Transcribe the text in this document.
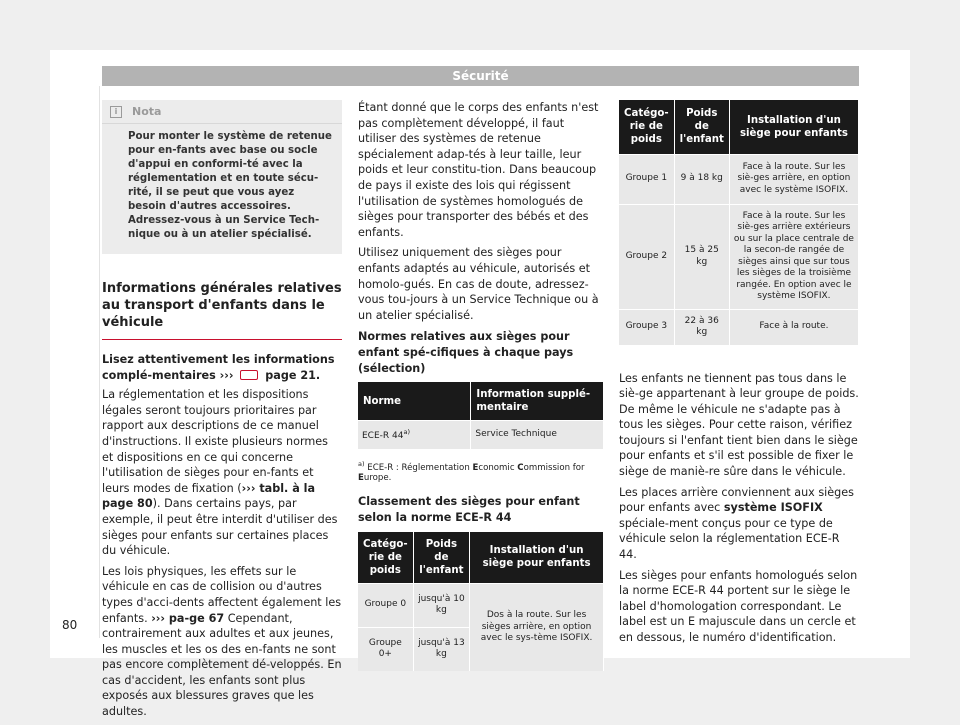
Sécurité
i	Nota
Pour monter le système de retenue pour en-fants avec base ou socle d'appui en conformi-té avec la réglementation et en toute sécu-rité, il se peut que vous ayez besoin d'autres accessoires. Adressez-vous à un Service Tech-nique ou à un atelier spécialisé.
Informations générales relatives au transport d'enfants dans le véhicule
Lisez attentivement les informations complé-mentaires ›››	page 21.

La réglementation et les dispositions légales seront toujours prioritaires par rapport aux descriptions de ce manuel d'instructions. Il existe plusieurs normes et dispositions en ce qui concerne l'utilisation de sièges pour en-fants et leurs modes de fixation (››› tabl. à la page 80). Dans certains pays, par exemple, il peut être interdit d'utiliser des sièges pour enfants sur certaines places du véhicule.

Les lois physiques, les effets sur le véhicule en cas de collision ou d'autres types d'acci-dents affectent également les enfants. ››› pa-ge 67 Cependant, contrairement aux adultes et aux jeunes, les muscles et les os des en-fants ne sont pas encore complètement dé-veloppés. En cas d'accident, les enfants sont plus exposés aux blessures graves que les adultes.

80

Étant donné que le corps des enfants n'est pas complètement développé, il faut utiliser des systèmes de retenue spécialement adap-tés à leur taille, leur poids et leur constitu-tion. Dans beaucoup de pays il existe des lois qui régissent l'utilisation de systèmes homologués de sièges pour transporter des bébés et des enfants.

Utilisez uniquement des sièges pour enfants adaptés au véhicule, autorisés et homolo-gués. En cas de doute, adressez-vous tou-jours à un Service Technique ou à un atelier spécialisé.

Normes relatives aux sièges pour enfant spé-cifiques à chaque pays (sélection)
Norme	Information supplé-mentaire
ECE-R 44$^{a)}$	Service Technique
$^{a)}$ ECE-R : Réglementation Economic Commission for Europe.
Classement des sièges pour enfant selon la norme ECE-R 44
Catégo-rie de poids	Poids de l'enfant	Installation d'un siège pour enfants
Groupe 0	jusqu'à 10 kg	Dos à la route. Sur les sièges arrière, en option avec le sys-tème ISOFIX.
Groupe 0+	jusqu'à 13 kg	
Catégo-rie de poids	Poids de l'enfant	Installation d'un siège pour enfants
Groupe 1	9 à 18 kg	Face à la route. Sur les siè-ges arrière, en option avec le système ISOFIX.
Groupe 2	15 à 25 kg	Face à la route. Sur les siè-ges arrière extérieurs ou sur la place centrale de la secon-de rangée de sièges ainsi que sur tous les sièges de la troisième rangée. En option avec le système ISOFIX.
Groupe 3	22 à 36 kg	Face à la route.

Les enfants ne tiennent pas tous dans le siè-ge appartenant à leur groupe de poids. De même le véhicule ne s'adapte pas à tous les sièges. Pour cette raison, vérifiez toujours si l'enfant tient bien dans le siège pour enfants et s'il est possible de fixer le siège de maniè-re sûre dans le véhicule.

Les places arrière conviennent aux sièges pour enfants avec système ISOFIX spéciale-ment conçus pour ce type de véhicule selon la réglementation ECE-R 44.

Les sièges pour enfants homologués selon la norme ECE-R 44 portent sur le siège le label d'homologation correspondant. Le label est un E majuscule dans un cercle et en dessous, le numéro d'identification.
